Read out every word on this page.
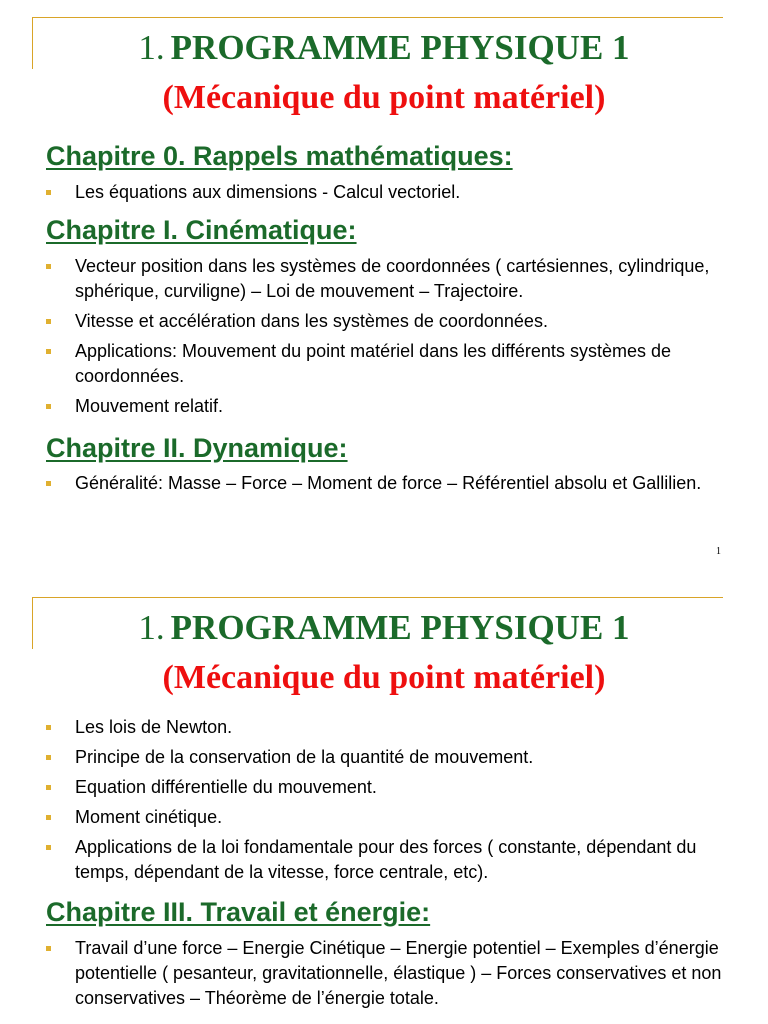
1. PROGRAMME PHYSIQUE 1
(Mécanique du point matériel)
Chapitre 0. Rappels mathématiques:
Les équations aux dimensions - Calcul vectoriel.
Chapitre I. Cinématique:
Vecteur position dans les systèmes de coordonnées ( cartésiennes, cylindrique, sphérique, curviligne) – Loi de mouvement – Trajectoire.
Vitesse et accélération dans les systèmes de coordonnées.
Applications: Mouvement du point matériel dans les différents systèmes de coordonnées.
Mouvement relatif.
Chapitre II. Dynamique:
Généralité: Masse – Force – Moment de force – Référentiel absolu et Gallilien.
1
1. PROGRAMME PHYSIQUE 1
(Mécanique du point matériel)
Les lois de Newton.
Principe de la conservation de la quantité de mouvement.
Equation différentielle du mouvement.
Moment cinétique.
Applications de la loi fondamentale pour des forces ( constante, dépendant du temps, dépendant de la vitesse, force centrale, etc).
Chapitre III. Travail et énergie:
Travail d’une force – Energie Cinétique – Energie potentiel – Exemples d’énergie potentielle ( pesanteur, gravitationnelle, élastique ) – Forces conservatives et non conservatives – Théorème de l’énergie totale.
